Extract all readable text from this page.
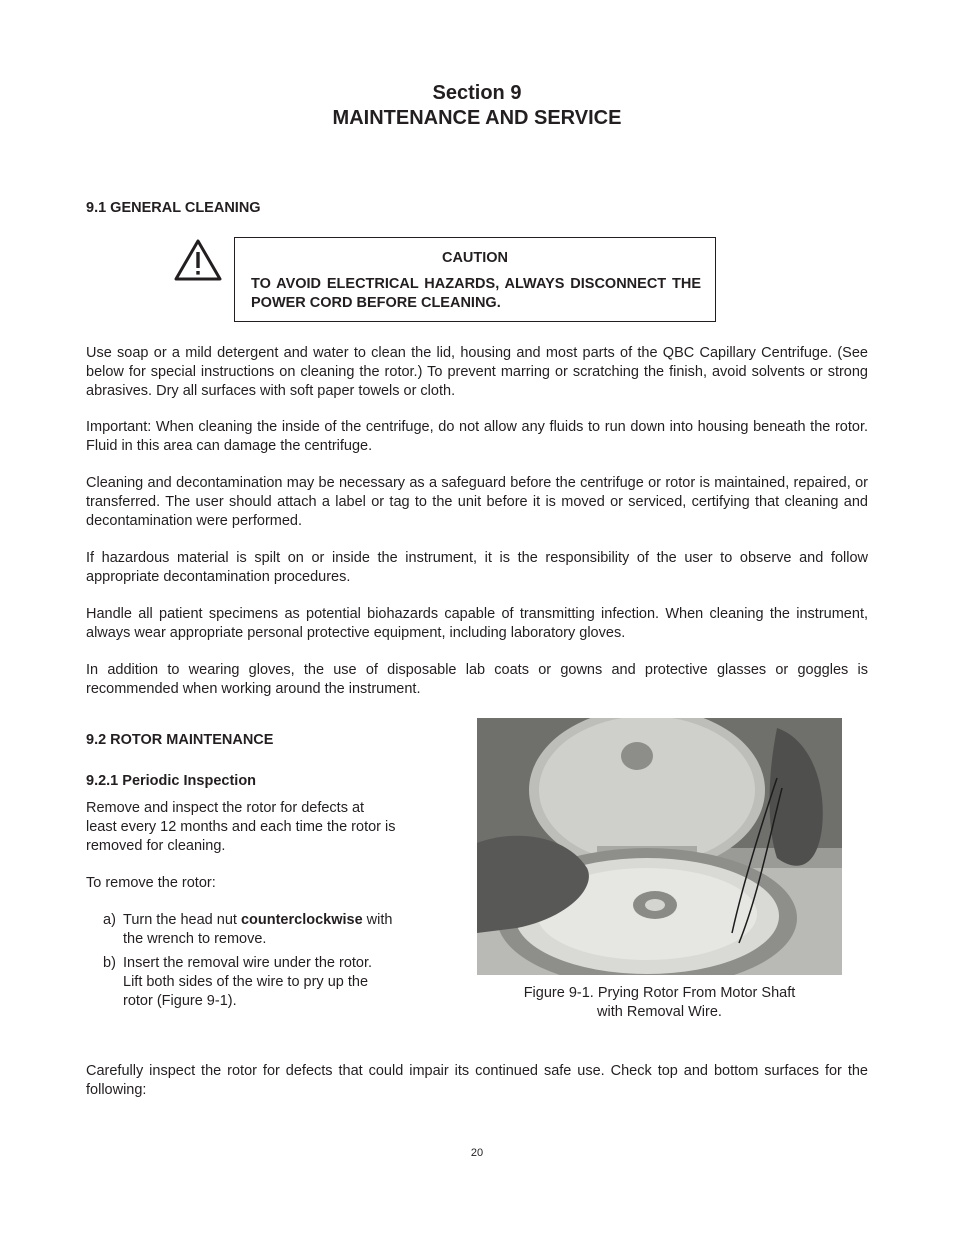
Section 9
MAINTENANCE AND SERVICE
9.1 GENERAL CLEANING
CAUTION
TO AVOID ELECTRICAL HAZARDS, ALWAYS DISCONNECT THE POWER CORD BEFORE CLEANING.
Use soap or a mild detergent and water to clean the lid, housing and most parts of the QBC Capillary Centrifuge. (See below for special instructions on cleaning the rotor.) To prevent marring or scratching the finish, avoid solvents or strong abrasives. Dry all surfaces with soft paper towels or cloth.
Important: When cleaning the inside of the centrifuge, do not allow any fluids to run down into housing beneath the rotor. Fluid in this area can damage the centrifuge.
Cleaning and decontamination may be necessary as a safeguard before the centrifuge or rotor is maintained, repaired, or transferred. The user should attach a label or tag to the unit before it is moved or serviced, certifying that cleaning and decontamination were performed.
If hazardous material is spilt on or inside the instrument, it is the responsibility of the user to observe and follow appropriate decontamination procedures.
Handle all patient specimens as potential biohazards capable of transmitting infection. When cleaning the instrument, always wear appropriate personal protective equipment, including laboratory gloves.
In addition to wearing gloves, the use of disposable lab coats or gowns and protective glasses or goggles is recommended when working around the instrument.
9.2 ROTOR MAINTENANCE
9.2.1 Periodic Inspection
Remove and inspect the rotor for defects at least every 12 months and each time the rotor is removed for cleaning.
To remove the rotor:
a) Turn the head nut counterclockwise with the wrench to remove.
b) Insert the removal wire under the rotor. Lift both sides of the wire to pry up the rotor (Figure 9-1).	Figure 9-1. Prying Rotor From Motor Shaft
with Removal Wire.
Carefully inspect the rotor for defects that could impair its continued safe use. Check top and bottom surfaces for the following:
20
